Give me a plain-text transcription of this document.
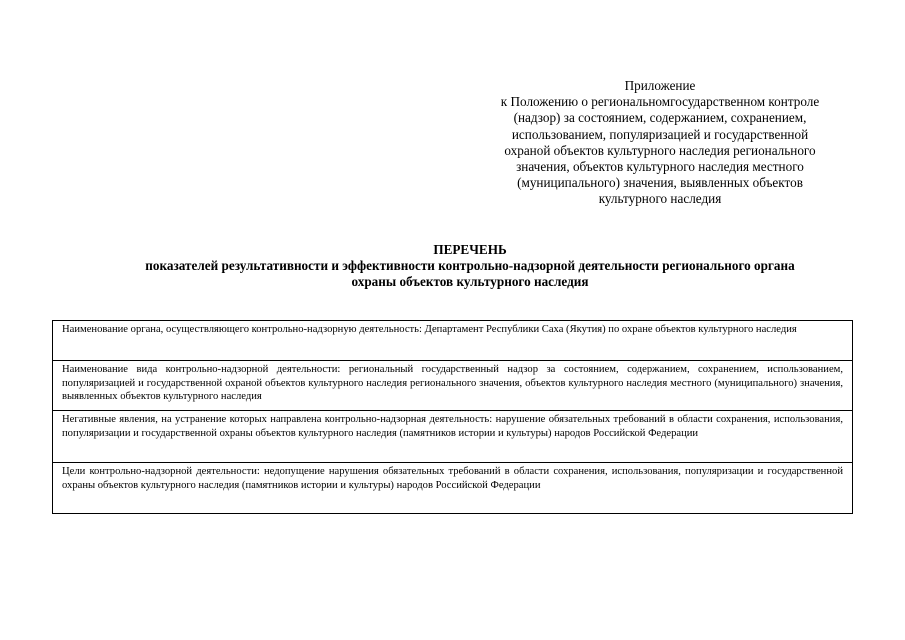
Приложение
к Положению о региональномгосударственном контроле
(надзор) за состоянием, содержанием, сохранением,
использованием, популяризацией и государственной
охраной объектов культурного наследия регионального
значения, объектов культурного наследия местного
(муниципального) значения, выявленных объектов
культурного наследия
ПЕРЕЧЕНЬ
показателей результативности и эффективности контрольно-надзорной деятельности регионального органа
охраны объектов культурного наследия
Наименование органа, осуществляющего контрольно-надзорную деятельность: Департамент Республики Саха (Якутия) по охране объектов культурного наследия
Наименование вида контрольно-надзорной деятельности: региональный государственный надзор за состоянием, содержанием, сохранением, использованием, популяризацией и государственной охраной объектов культурного наследия регионального значения, объектов культурного наследия местного (муниципального) значения, выявленных объектов культурного наследия
Негативные явления, на устранение которых направлена контрольно-надзорная деятельность: нарушение обязательных требований в области сохранения, использования, популяризации и государственной охраны объектов культурного наследия (памятников истории и культуры) народов Российской Федерации
Цели контрольно-надзорной деятельности: недопущение нарушения обязательных требований в области сохранения, использования, популяризации и государственной охраны объектов культурного наследия (памятников истории и культуры) народов Российской Федерации
